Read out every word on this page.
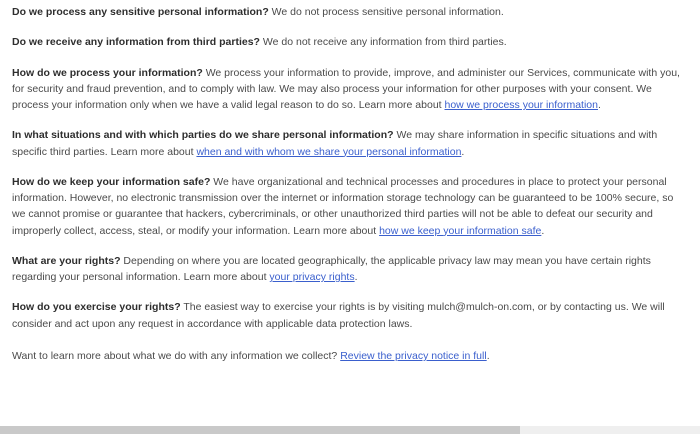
Do we process any sensitive personal information? We do not process sensitive personal information.

Do we receive any information from third parties? We do not receive any information from third parties.

How do we process your information? We process your information to provide, improve, and administer our Services, communicate with you, for security and fraud prevention, and to comply with law. We may also process your information for other purposes with your consent. We process your information only when we have a valid legal reason to do so. Learn more about how we process your information.

In what situations and with which parties do we share personal information? We may share information in specific situations and with specific third parties. Learn more about when and with whom we share your personal information.

How do we keep your information safe? We have organizational and technical processes and procedures in place to protect your personal information. However, no electronic transmission over the internet or information storage technology can be guaranteed to be 100% secure, so we cannot promise or guarantee that hackers, cybercriminals, or other unauthorized third parties will not be able to defeat our security and improperly collect, access, steal, or modify your information. Learn more about how we keep your information safe.

What are your rights? Depending on where you are located geographically, the applicable privacy law may mean you have certain rights regarding your personal information. Learn more about your privacy rights.

How do you exercise your rights? The easiest way to exercise your rights is by visiting mulch@mulch-on.com, or by contacting us. We will consider and act upon any request in accordance with applicable data protection laws.

Want to learn more about what we do with any information we collect? Review the privacy notice in full.
